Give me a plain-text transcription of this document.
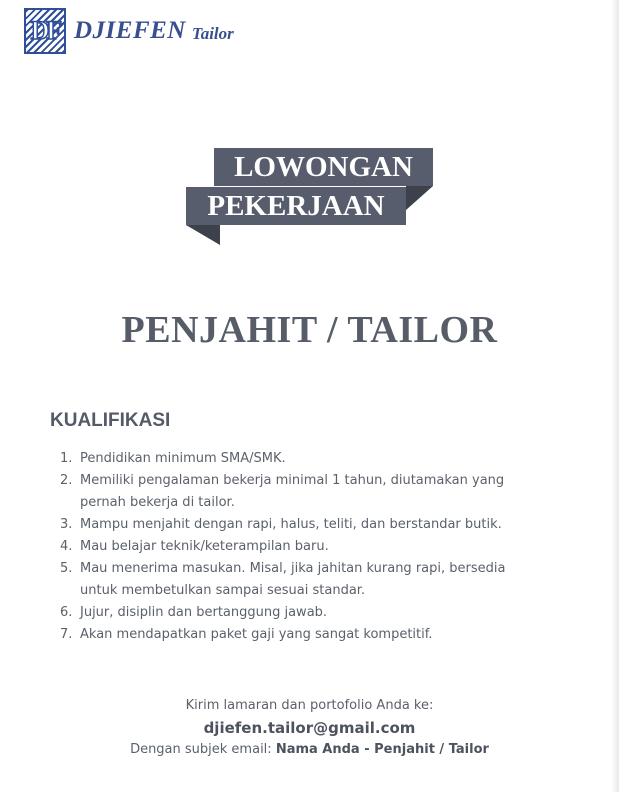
DF DJIEFEN Tailor
LOWONGAN
PEKERJAAN
PENJAHIT / TAILOR
KUALIFIKASI
1. Pendidikan minimum SMA/SMK.
2. Memiliki pengalaman bekerja minimal 1 tahun, diutamakan yang pernah bekerja di tailor.
3. Mampu menjahit dengan rapi, halus, teliti, dan berstandar butik.
4. Mau belajar teknik/keterampilan baru.
5. Mau menerima masukan. Misal, jika jahitan kurang rapi, bersedia untuk membetulkan sampai sesuai standar.
6. Jujur, disiplin dan bertanggung jawab.
7. Akan mendapatkan paket gaji yang sangat kompetitif.
Kirim lamaran dan portofolio Anda ke:
djiefen.tailor@gmail.com
Dengan subjek email: Nama Anda - Penjahit / Tailor
